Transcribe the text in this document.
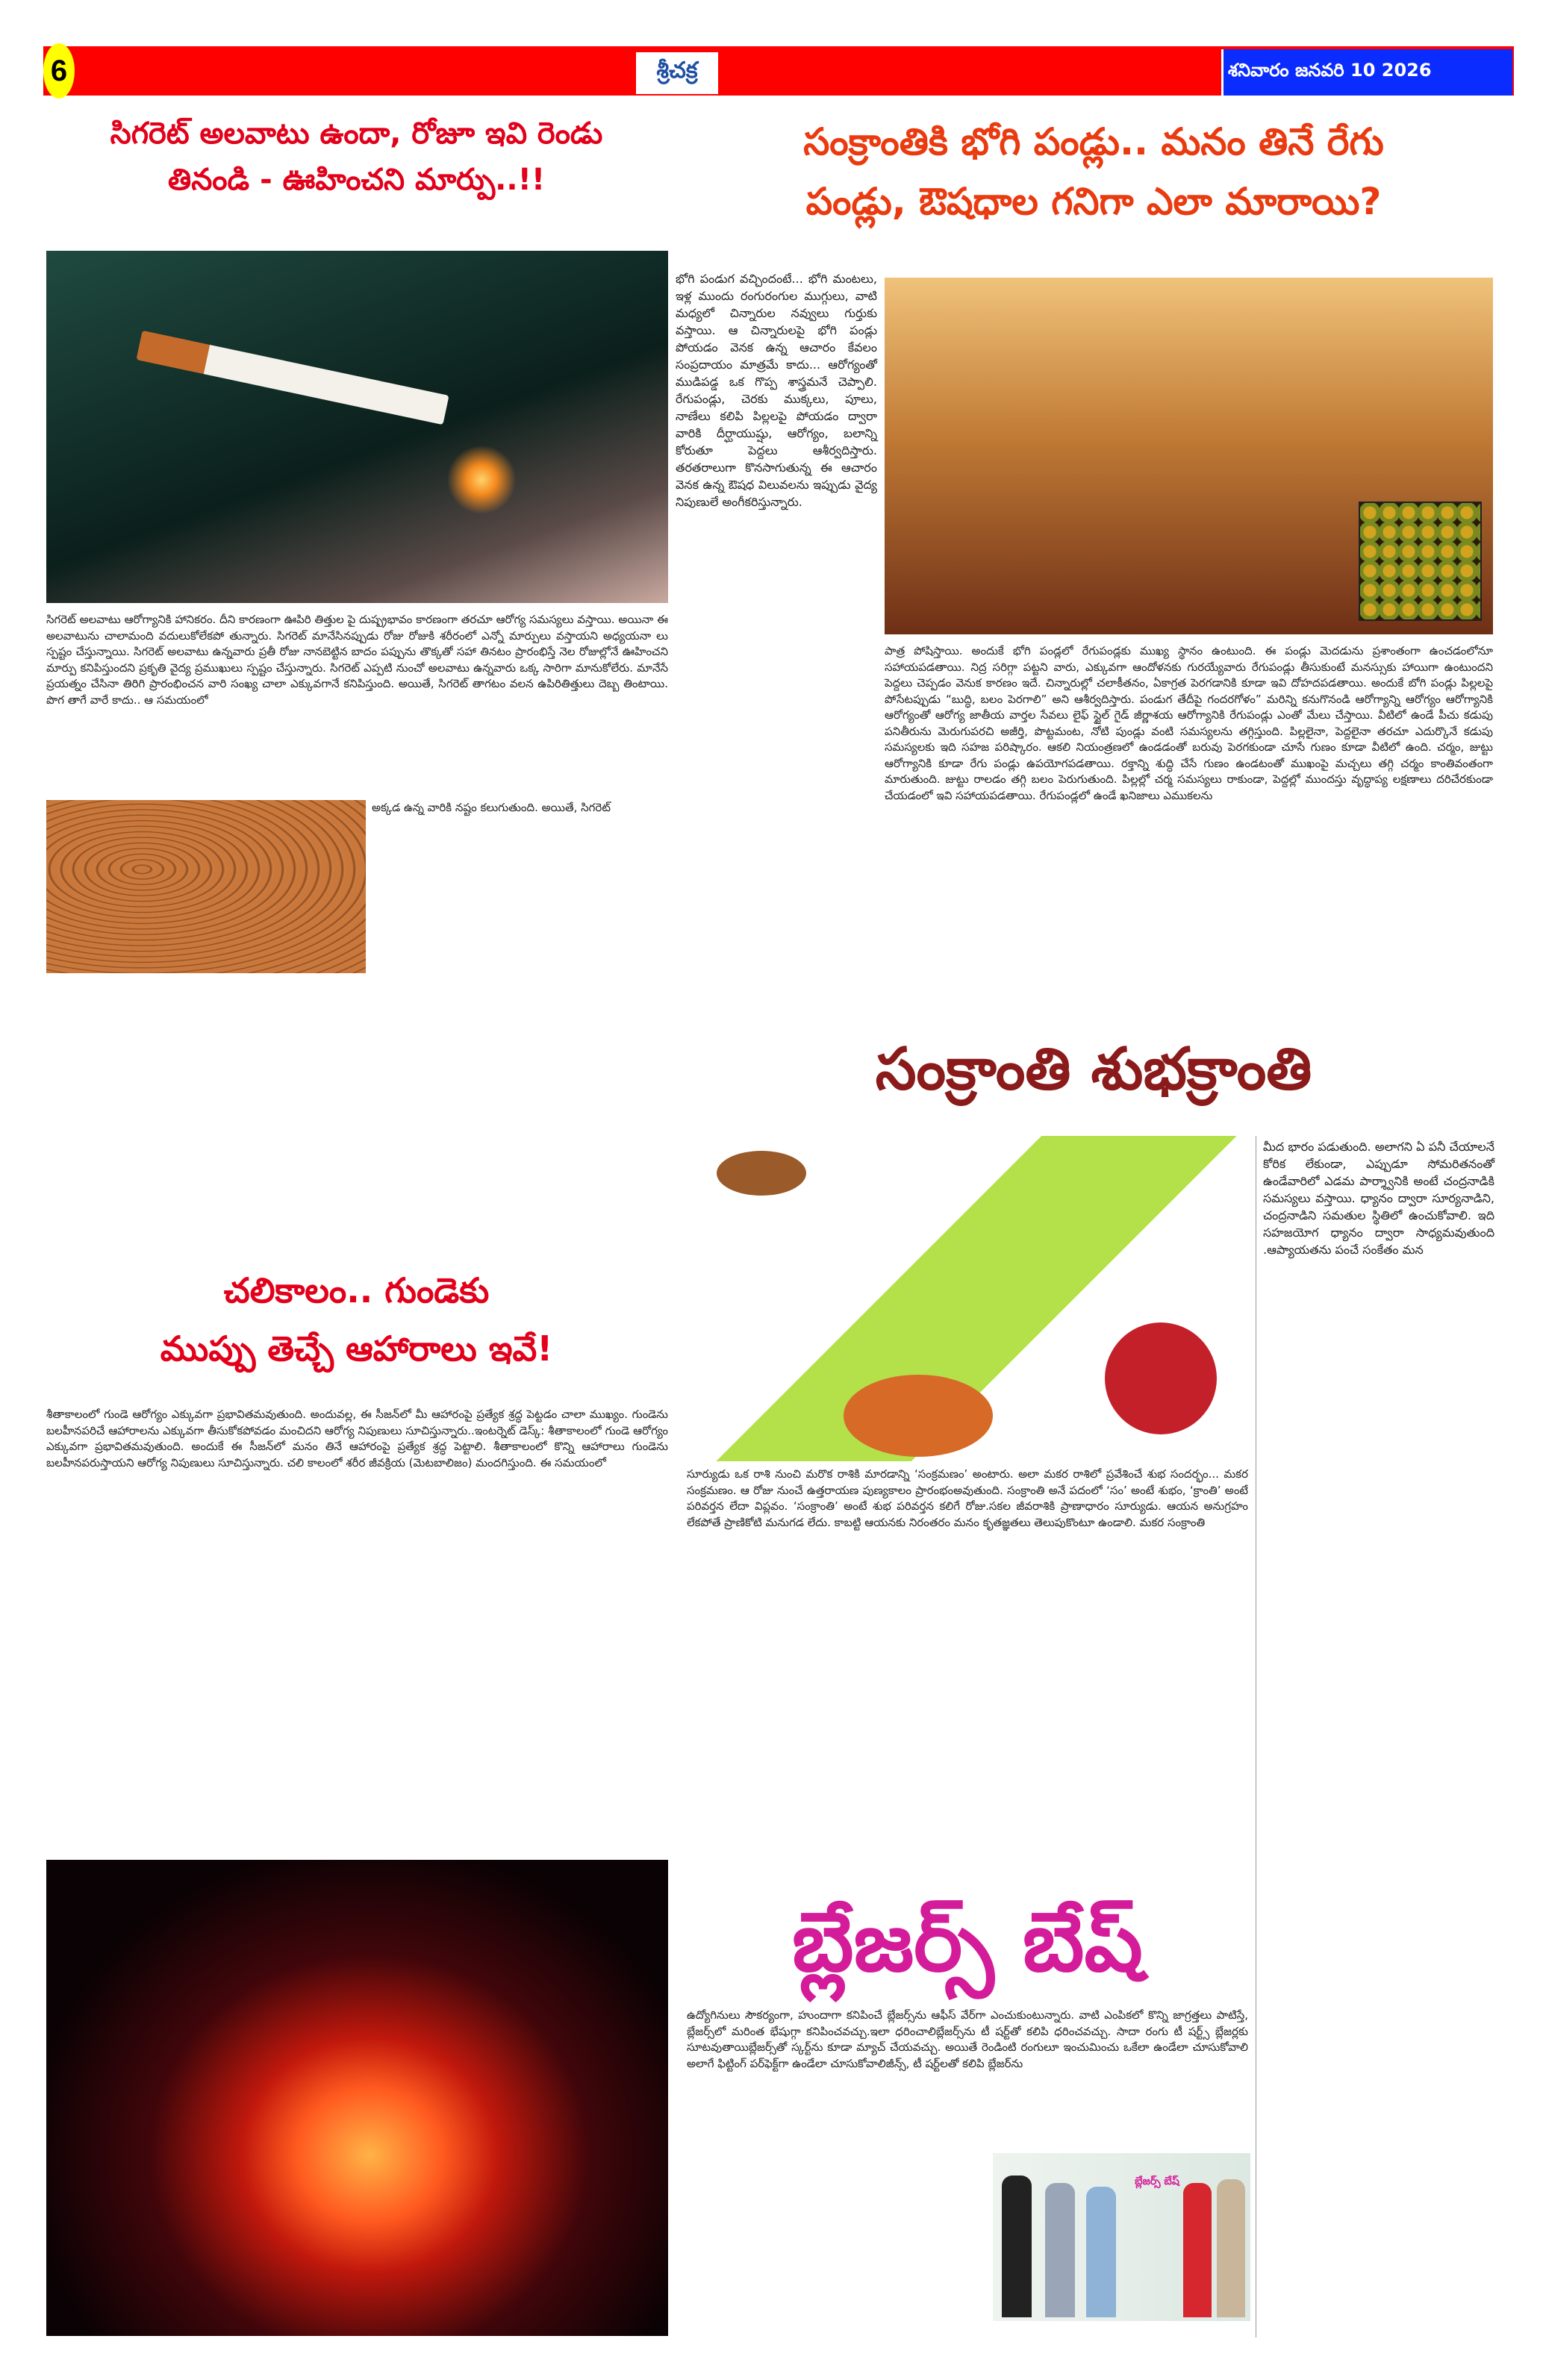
6	శ్రీచక్ర	శనివారం జనవరి 10 2026
సిగరెట్ అలవాటు ఉందా, రోజూ ఇవి రెండు
తినండి - ఊహించని మార్పు..!!
సిగరెట్ అలవాటు ఆరోగ్యానికి హానికరం. దీని కారణంగా ఊపిరి తిత్తుల పై దుష్ప్రభావం కారణంగా తరచూ ఆరోగ్య సమస్యలు వస్తాయి. అయినా ఈ అలవాటును చాలామంది వదులుకోలేకపో తున్నారు. సిగరెట్ మానేసినప్పుడు రోజు రోజుకి శరీరంలో ఎన్నో మార్పులు వస్తాయని అధ్యయనా లు స్పష్టం చేస్తున్నాయి. సిగరెట్ అలవాటు ఉన్నవారు ప్రతీ రోజు నానబెట్టిన బాదం పప్పును తొక్కతో సహా తినటం ప్రారంభిస్తే నెల రోజుల్లోనే ఊహించని మార్పు కనిపిస్తుందని ప్రకృతి వైద్య ప్రముఖులు స్పష్టం చేస్తున్నారు. సిగరెట్ ఎప్పటి నుంచో అలవాటు ఉన్నవారు ఒక్క సారిగా మానుకోలేరు. మానేసే ప్రయత్నం చేసినా తిరిగి ప్రారంభించన వారి సంఖ్య చాలా ఎక్కువగానే కనిపిస్తుంది. అయితే, సిగరెట్ తాగటం వలన ఉపిరితిత్తులు దెబ్బ తింటాయి. పొగ తాగే వారే కాదు.. ఆ సమయంలో
అక్కడ ఉన్న వారికి నష్టం కలుగుతుంది. అయితే, సిగరెట్
చలికాలం.. గుండెకు
ముప్పు తెచ్చే ఆహారాలు ఇవే!
శీతాకాలంలో గుండె ఆరోగ్యం ఎక్కువగా ప్రభావితమవుతుంది. అందువల్ల, ఈ సీజన్‌లో మీ ఆహారంపై ప్రత్యేక శ్రద్ధ పెట్టడం చాలా ముఖ్యం. గుండెను బలహీనపరిచే ఆహారాలను ఎక్కువగా తీసుకోకపోవడం మంచిదని ఆరోగ్య నిపుణులు సూచిస్తున్నారు..ఇంటర్నెట్ డెస్క్: శీతాకాలంలో గుండె ఆరోగ్యం ఎక్కువగా ప్రభావితమవుతుంది. అందుకే ఈ సీజన్‌లో మనం తినే ఆహారంపై ప్రత్యేక శ్రద్ధ పెట్టాలి. శీతాకాలంలో కొన్ని ఆహారాలు గుండెను బలహీనపరుస్తాయని ఆరోగ్య నిపుణులు సూచిస్తున్నారు. చలి కాలంలో శరీర జీవక్రియ (మెటబాలిజం) మందగిస్తుంది. ఈ సమయంలో
సంక్రాంతికి భోగి పండ్లు.. మనం తినే రేగు
పండ్లు, ఔషధాల గనిగా ఎలా మారాయి?
భోగి పండుగ వచ్చిందంటే... భోగి మంటలు, ఇళ్ల ముందు రంగురంగుల ముగ్గులు, వాటి మధ్యలో చిన్నారుల నవ్వులు గుర్తుకు వస్తాయి. ఆ చిన్నారులపై భోగి పండ్లు పోయడం వెనక ఉన్న ఆచారం కేవలం సంప్రదాయం మాత్రమే కాదు... ఆరోగ్యంతో ముడిపడ్డ ఒక గొప్ప శాస్త్రమనే చెప్పాలి. రేగుపండ్లు, చెరకు ముక్కలు, పూలు, నాణేలు కలిపి పిల్లలపై పోయడం ద్వారా వారికి దీర్ఘాయుష్షు, ఆరోగ్యం, బలాన్ని కోరుతూ పెద్దలు ఆశీర్వదిస్తారు. తరతరాలుగా కొనసాగుతున్న ఈ ఆచారం వెనక ఉన్న ఔషధ విలువలను ఇప్పుడు వైద్య నిపుణులే అంగీకరిస్తున్నారు.
పాత్ర పోషిస్తాయి. అందుకే భోగి పండ్లలో రేగుపండ్లకు ముఖ్య స్థానం ఉంటుంది. ఈ పండ్లు మెదడును ప్రశాంతంగా ఉంచడంలోనూ సహాయపడతాయి. నిద్ర సరిగ్గా పట్టని వారు, ఎక్కువగా ఆందోళనకు గురయ్యేవారు రేగుపండ్లు తీసుకుంటే మనస్సుకు హాయిగా ఉంటుందని పెద్దలు చెప్పడం వెనుక కారణం ఇదే. చిన్నారుల్లో చలాకీతనం, ఏకాగ్రత పెరగడానికి కూడా ఇవి దోహదపడతాయి. అందుకే బోగి పండ్లు పిల్లలపై పోసేటప్పుడు “బుద్ధి, బలం పెరగాలి” అని ఆశీర్వదిస్తారు. పండుగ తేదీపై గందరగోళం” మరిన్ని కనుగొనండి ఆరోగ్యాన్ని ఆరోగ్యం ఆరోగ్యానికి ఆరోగ్యంతో ఆరోగ్య జాతీయ వార్తల సేవలు లైఫ్ స్టైల్ గైడ్ జీర్ణాశయ ఆరోగ్యానికి రేగుపండ్లు ఎంతో మేలు చేస్తాయి. వీటిలో ఉండే పీచు కడుపు పనితీరును మెరుగుపరచి అజీర్తి, పొట్టమంట, నోటి పుండ్లు వంటి సమస్యలను తగ్గిస్తుంది. పిల్లలైనా, పెద్దలైనా తరచూ ఎదుర్కొనే కడుపు సమస్యలకు ఇది సహజ పరిష్కారం. ఆకలి నియంత్రణలో ఉండడంతో బరువు పెరగకుండా చూసే గుణం కూడా వీటిలో ఉంది. చర్మం, జుట్టు ఆరోగ్యానికి కూడా రేగు పండ్లు ఉపయోగపడతాయి. రక్తాన్ని శుద్ధి చేసే గుణం ఉండటంతో ముఖంపై మచ్చలు తగ్గి చర్మం కాంతివంతంగా మారుతుంది. జుట్టు రాలడం తగ్గి బలం పెరుగుతుంది. పిల్లల్లో చర్మ సమస్యలు రాకుండా, పెద్దల్లో ముందస్తు వృద్ధాప్య లక్షణాలు దరిచేరకుండా చేయడంలో ఇవి సహాయపడతాయి. రేగుపండ్లలో ఉండే ఖనిజాలు ఎముకలను
సంక్రాంతి శుభక్రాంతి
సూర్యుడు ఒక రాశి నుంచి మరొక రాశికి మారడాన్ని ‘సంక్రమణం’ అంటారు. అలా మకర రాశిలో ప్రవేశించే శుభ సందర్భం... మకర సంక్రమణం. ఆ రోజు నుంచే ఉత్తరాయణ పుణ్యకాలం ప్రారంభంఅవుతుంది. సంక్రాంతి అనే పదంలో ‘సం’ అంటే శుభం, ‘క్రాంతి’ అంటే పరివర్తన లేదా విప్లవం. ‘సంక్రాంతి’ అంటే శుభ పరివర్తన కలిగే రోజు.సకల జీవరాశికి ప్రాణాధారం సూర్యుడు. ఆయన అనుగ్రహం లేకపోతే ప్రాణికోటి మనుగడ లేదు. కాబట్టి ఆయనకు నిరంతరం మనం కృతజ్ఞతలు తెలుపుకొంటూ ఉండాలి. మకర సంక్రాంతి
మీద భారం పడుతుంది. అలాగని ఏ పనీ చేయాలనే కోరిక లేకుండా, ఎప్పుడూ సోమరితనంతో ఉండేవారిలో ఎడమ పార్శ్వానికి అంటే చంద్రనాడికి సమస్యలు వస్తాయి. ధ్యానం ద్వారా సూర్యనాడిని, చంద్రనాడిని సమతుల స్థితిలో ఉంచుకోవాలి. ఇది సహజయోగ ధ్యానం ద్వారా సాధ్యమవుతుంది .ఆప్యాయతను పంచే సంకేతం మన
బ్లేజర్స్ బేష్
ఉద్యోగినులు సౌకర్యంగా, హుందాగా కనిపించే బ్లేజర్స్‌ను ఆఫీస్ వేర్‌గా ఎంచుకుంటున్నారు. వాటి ఎంపికలో కొన్ని జాగ్రత్తలు పాటిస్తే, బ్లేజర్స్‌లో మరింత భేషుగ్గా కనిపించవచ్చు.ఇలా ధరించాలిబ్లేజర్స్‌ను టీ షర్ట్‌తో కలిపి ధరించవచ్చు. సాదా రంగు టీ షర్ట్స్ బ్లేజర్లకు సూటవుతాయిబ్లేజర్స్‌తో స్కర్ట్‌ను కూడా మ్యాచ్ చేయవచ్చు. అయితే రెండింటి రంగులూ ఇంచుమించు ఒకేలా ఉండేలా చూసుకోవాలి అలాగే ఫిట్టింగ్ పర్‌ఫెక్ట్‌గా ఉండేలా చూసుకోవాలిజీన్స్, టీ షర్ట్‌లతో కలిపి బ్లేజర్‌ను
బ్లేజర్స్ బేష్
